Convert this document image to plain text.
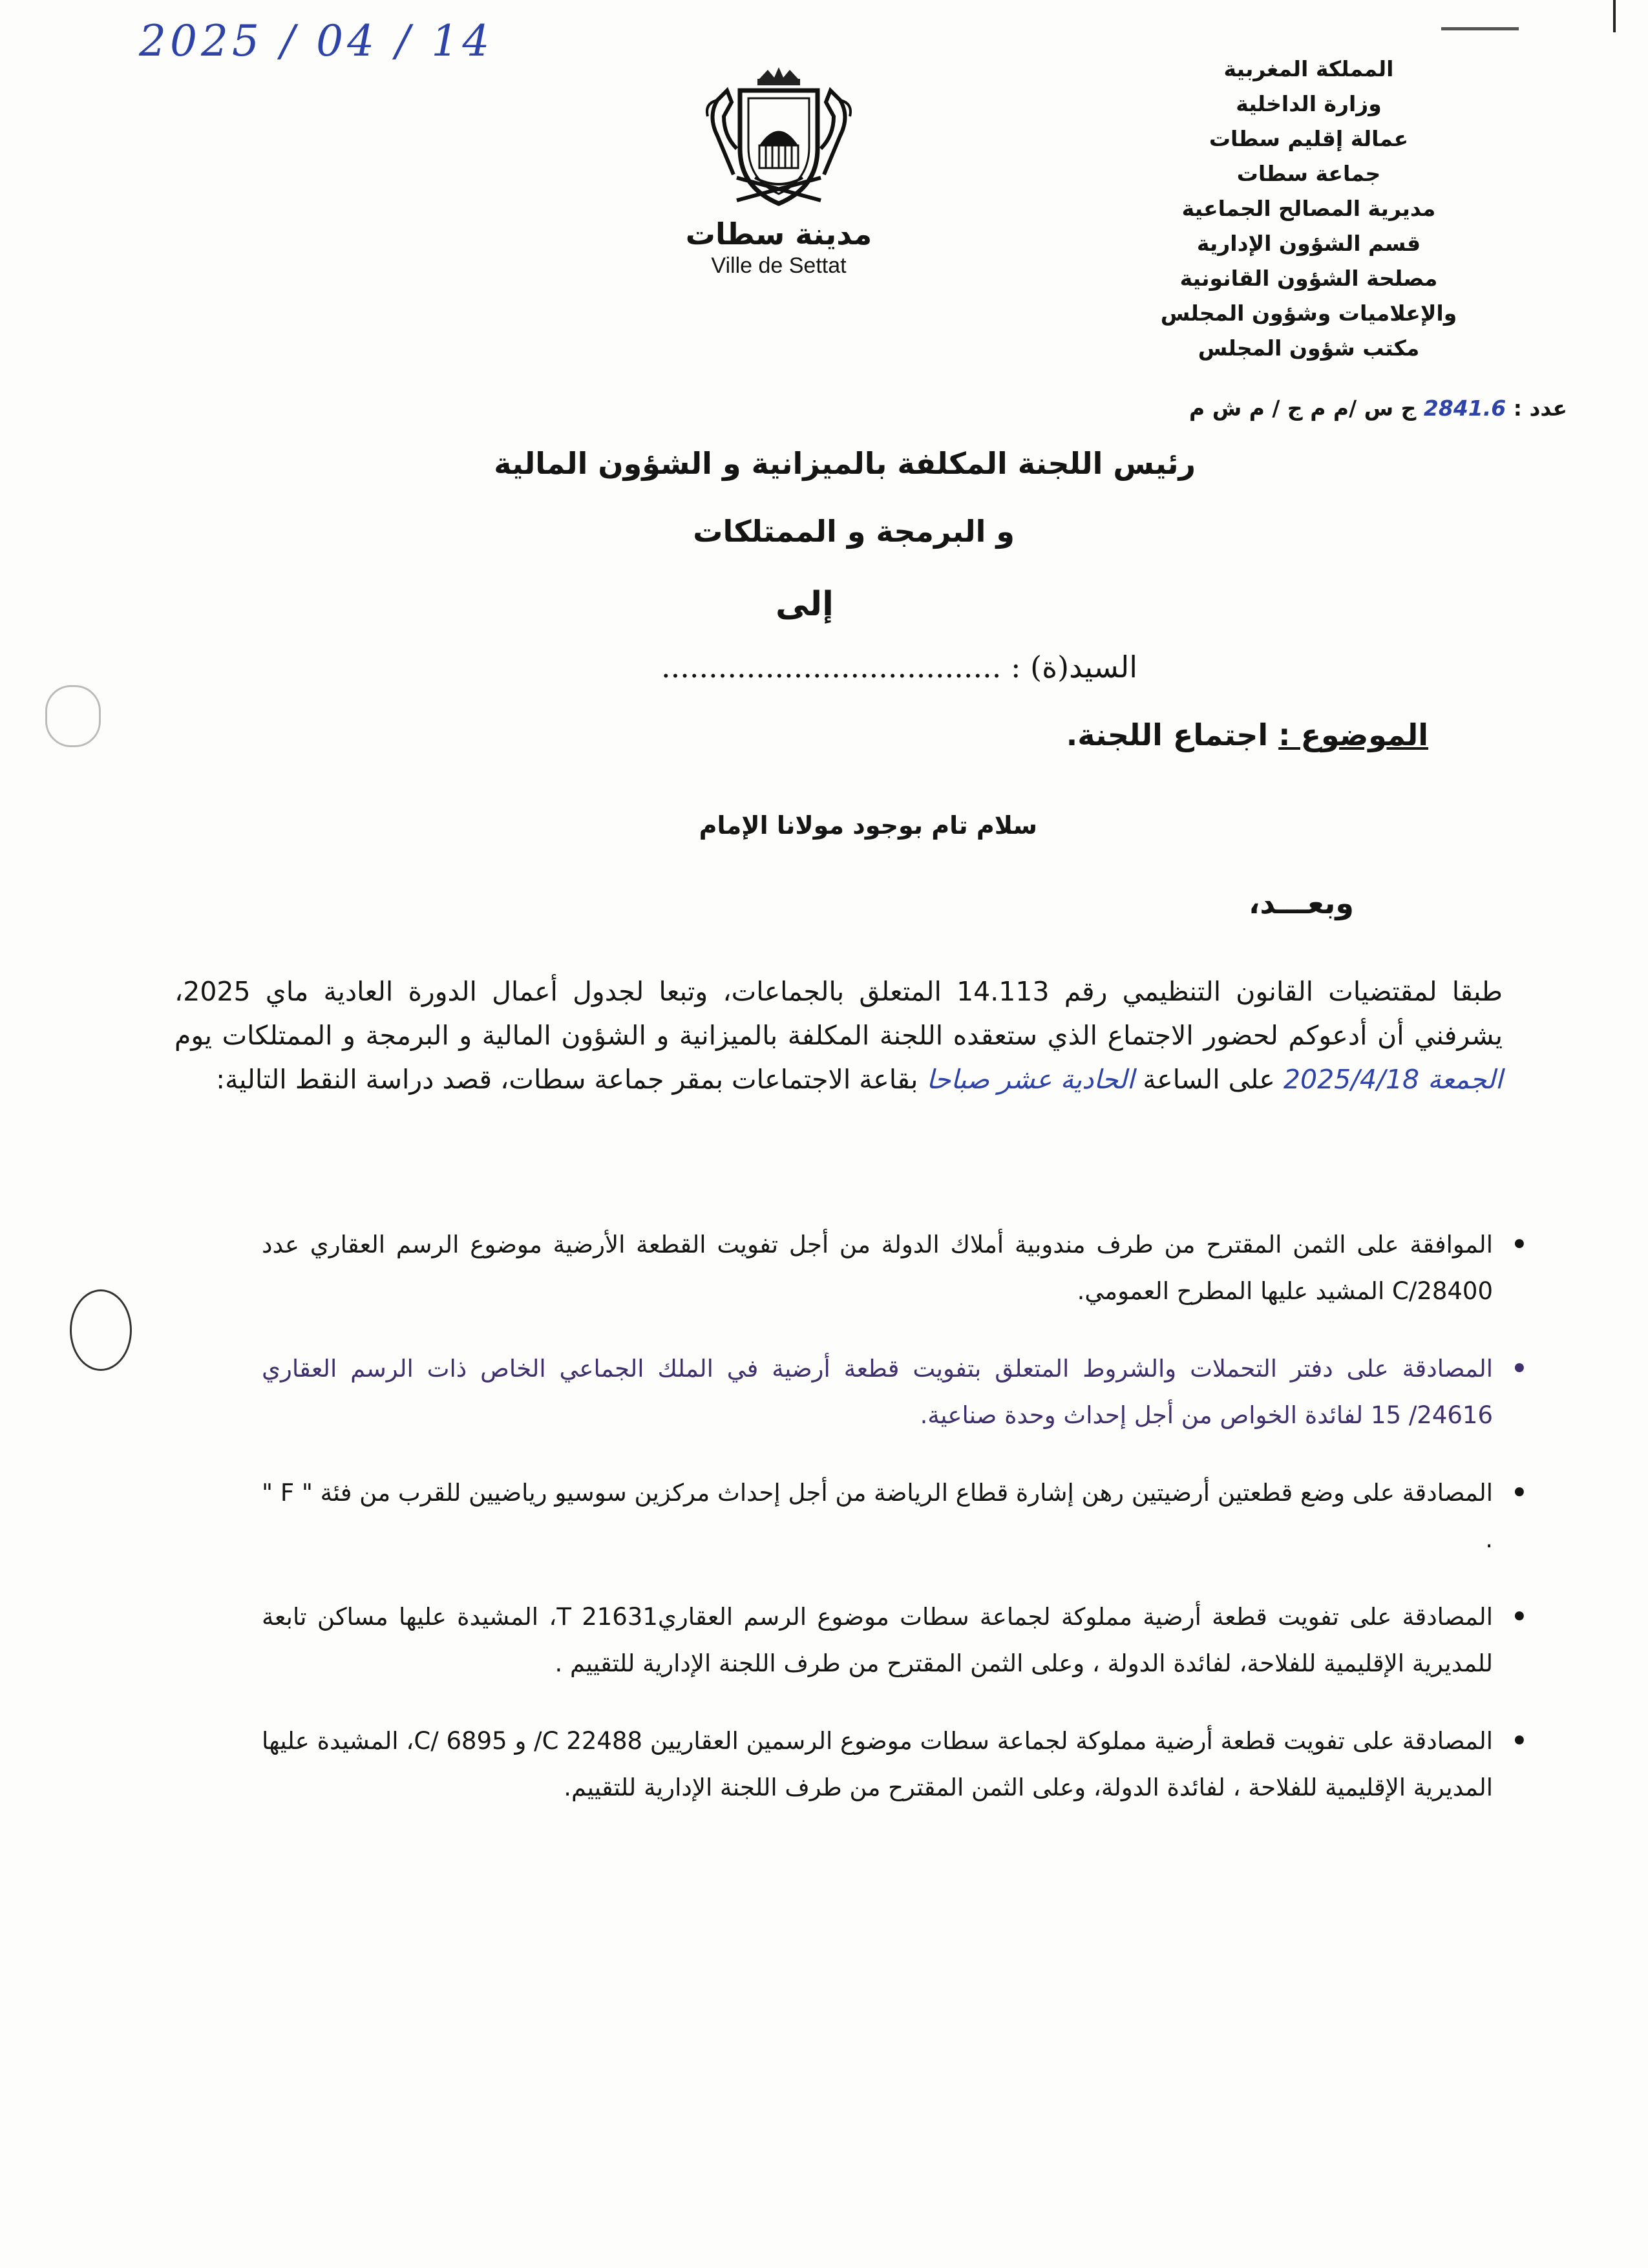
2025 / 04 / 14
مدينة سطات
Ville de Settat
المملكة المغربية
وزارة الداخلية
عمالة إقليم سطات
جماعة سطات
مديرية المصالح الجماعية
قسم الشؤون الإدارية
مصلحة الشؤون القانونية
والإعلاميات وشؤون المجلس
مكتب شؤون المجلس
عدد : 2841.6 ج س /م م ج / م ش م
رئيس اللجنة المكلفة بالميزانية و الشؤون المالية
و البرمجة و الممتلكات
إلى
السيد(ة) : ....................................
الموضوع : اجتماع اللجنة.
سلام تام بوجود مولانا الإمام
وبعـــد،
طبقا لمقتضيات القانون التنظيمي رقم 14.113 المتعلق بالجماعات، وتبعا لجدول أعمال الدورة العادية ماي 2025، يشرفني أن أدعوكم لحضور الاجتماع الذي ستعقده اللجنة المكلفة بالميزانية و الشؤون المالية و البرمجة و الممتلكات يوم الجمعة 2025/4/18 على الساعة الحادية عشر صباحا بقاعة الاجتماعات بمقر جماعة سطات، قصد دراسة النقط التالية:
• الموافقة على الثمن المقترح من طرف مندوبية أملاك الدولة من أجل تفويت القطعة الأرضية موضوع الرسم العقاري عدد C/28400 المشيد عليها المطرح العمومي.
• المصادقة على دفتر التحملات والشروط المتعلق بتفويت قطعة أرضية في الملك الجماعي الخاص ذات الرسم العقاري 24616/ 15 لفائدة الخواص من أجل إحداث وحدة صناعية.
• المصادقة على وضع قطعتين أرضيتين رهن إشارة قطاع الرياضة من أجل إحداث مركزين سوسيو رياضيين للقرب من فئة " F " .
• المصادقة على تفويت قطعة أرضية مملوكة لجماعة سطات موضوع الرسم العقاري21631 T، المشيدة عليها مساكن تابعة للمديرية الإقليمية للفلاحة، لفائدة الدولة ، وعلى الثمن المقترح من طرف اللجنة الإدارية للتقييم .
• المصادقة على تفويت قطعة أرضية مملوكة لجماعة سطات موضوع الرسمين العقاريين 22488 C/ و 6895 /C، المشيدة عليها المديرية الإقليمية للفلاحة ، لفائدة الدولة، وعلى الثمن المقترح من طرف اللجنة الإدارية للتقييم.
